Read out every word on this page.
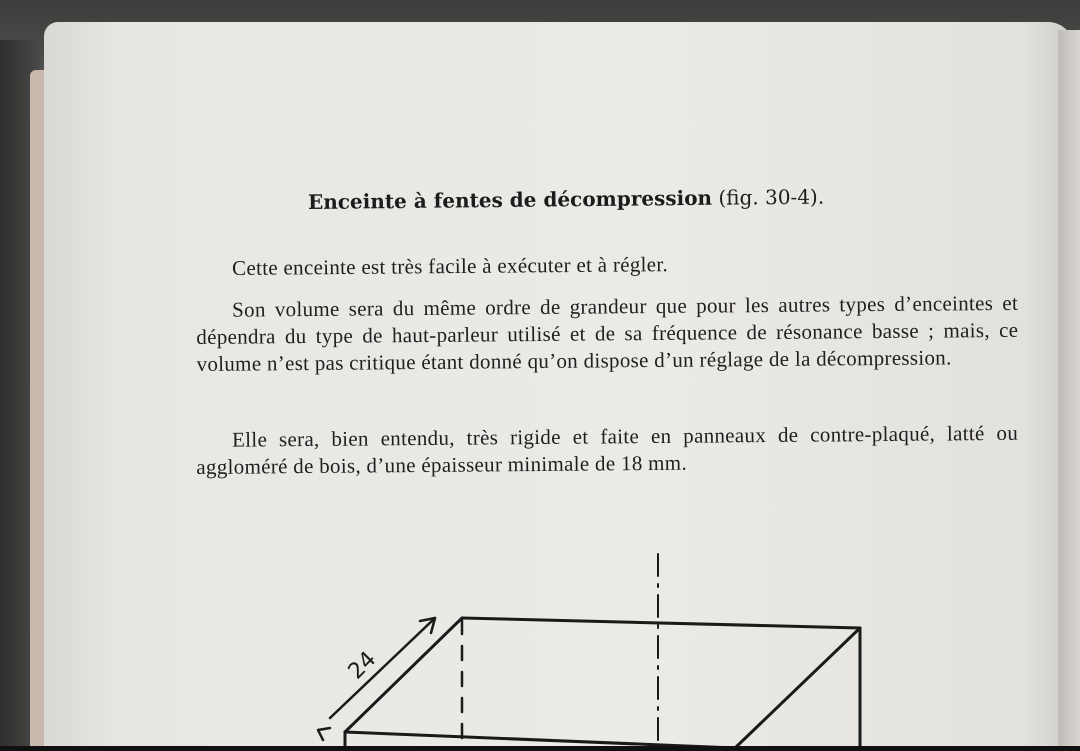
Enceinte à fentes de décompression (fig. 30-4).
Cette enceinte est très facile à exécuter et à régler.
Son volume sera du même ordre de grandeur que pour les autres types d’enceintes et dépendra du type de haut-parleur utilisé et de sa fréquence de résonance basse ; mais, ce volume n’est pas critique étant donné qu’on dispose d’un réglage de la décompression.
Elle sera, bien entendu, très rigide et faite en panneaux de contre-plaqué, latté ou aggloméré de bois, d’une épaisseur minimale de 18 mm.
24
